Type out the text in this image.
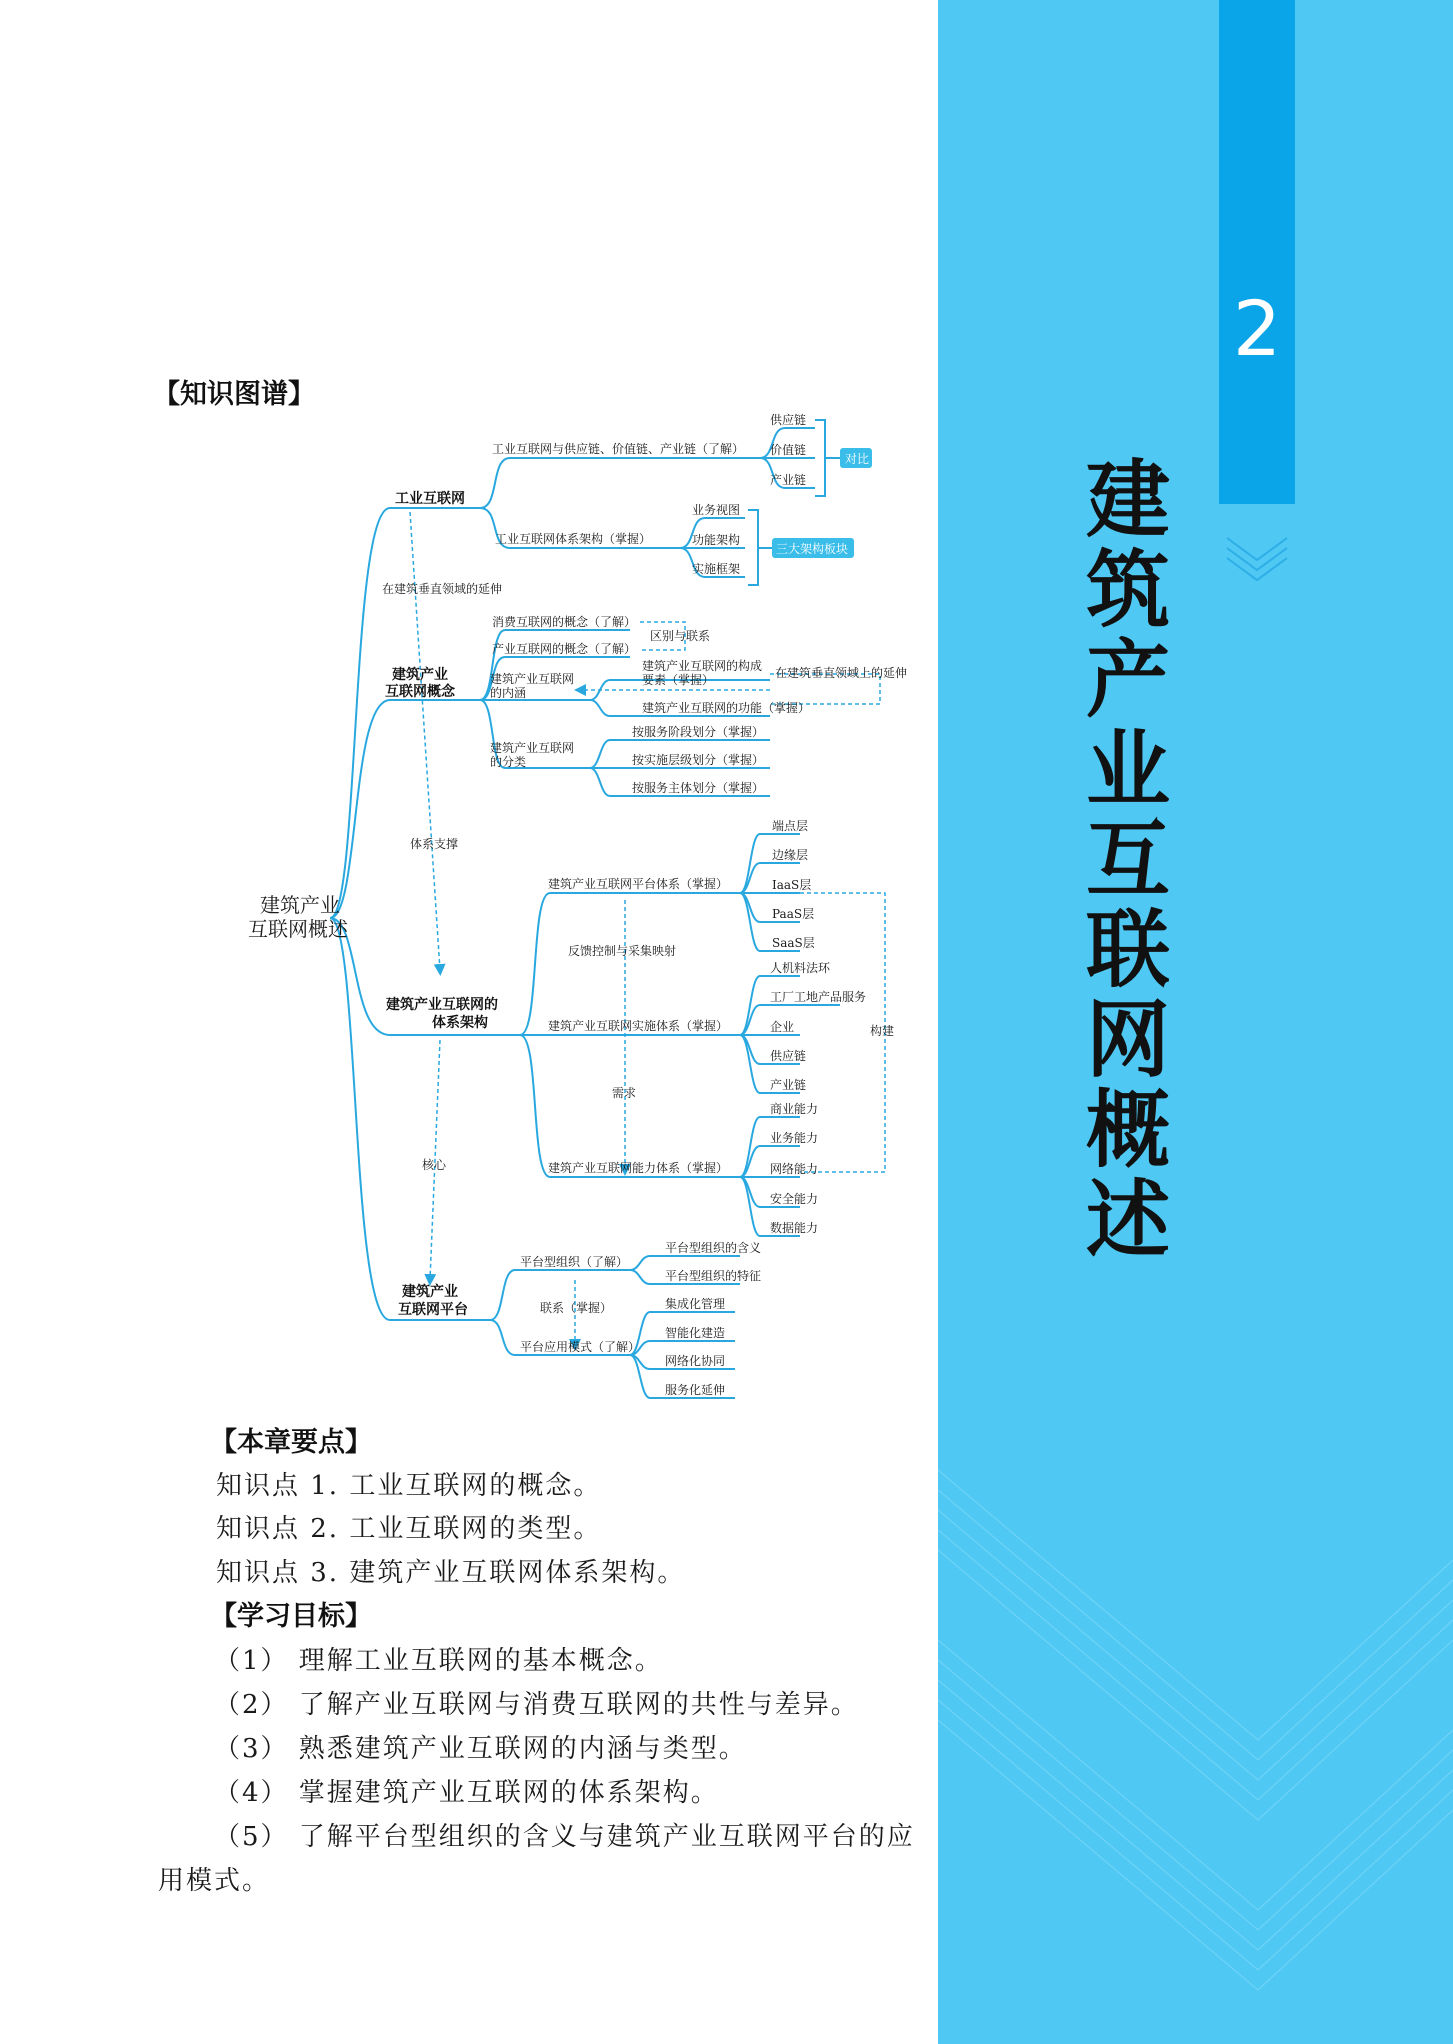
2
建
筑
产
业
互
联
网
概
述
【知识图谱】
建筑产业
互联网概述
工业互联网
工业互联网与供应链、价值链、产业链（了解）
供应链
价值链
产业链
对比
工业互联网体系架构（掌握）
业务视图
功能架构
实施框架
三大架构板块
在建筑垂直领域的延伸
建筑产业
互联网概念
消费互联网的概念（了解）
产业互联网的概念（了解）
区别与联系
建筑产业互联网
的内涵
建筑产业互联网的构成
要素（掌握）	在建筑垂直领域上的延伸
建筑产业互联网的功能（掌握）
建筑产业互联网
的分类
按服务阶段划分（掌握）
按实施层级划分（掌握）
按服务主体划分（掌握）
体系支撑
建筑产业互联网的
体系架构
建筑产业互联网平台体系（掌握）
端点层
边缘层
IaaS层
PaaS层
SaaS层
反馈控制与采集映射
建筑产业互联网实施体系（掌握）
人机料法环
工厂工地产品服务
企业
供应链
产业链
构建
需求
建筑产业互联网能力体系（掌握）
商业能力
业务能力
网络能力
安全能力
数据能力
核心
建筑产业
互联网平台
平台型组织（了解）
平台型组织的含义
平台型组织的特征
联系（掌握）
平台应用模式（了解）
集成化管理
智能化建造
网络化协同
服务化延伸
【本章要点】
知识点 1. 工业互联网的概念。
知识点 2. 工业互联网的类型。
知识点 3. 建筑产业互联网体系架构。
【学习目标】
（1） 理解工业互联网的基本概念。
（2） 了解产业互联网与消费互联网的共性与差异。
（3） 熟悉建筑产业互联网的内涵与类型。
（4） 掌握建筑产业互联网的体系架构。
（5） 了解平台型组织的含义与建筑产业互联网平台的应
用模式。
